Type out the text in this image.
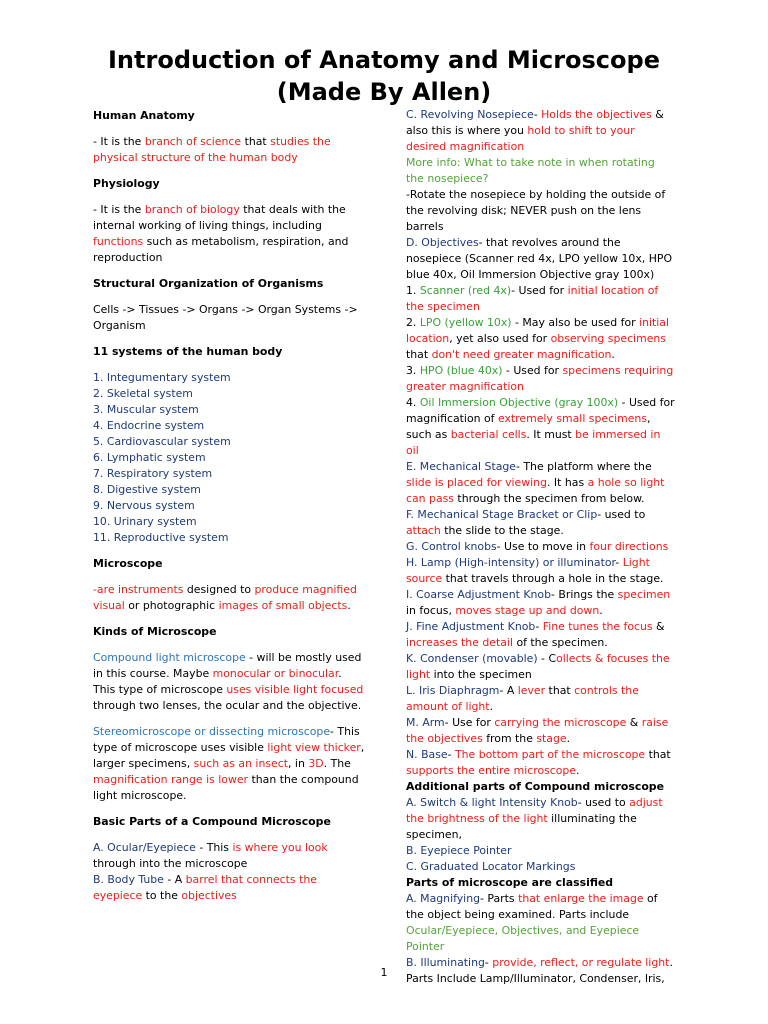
Introduction of Anatomy and Microscope
(Made By Allen)
Human Anatomy
- It is the branch of science that studies the physical structure of the human body
Physiology
- It is the branch of biology that deals with the internal working of living things, including functions such as metabolism, respiration, and reproduction
Structural Organization of Organisms
Cells -> Tissues -> Organs -> Organ Systems -> Organism
11 systems of the human body
1. Integumentary system
2. Skeletal system
3. Muscular system
4. Endocrine system
5. Cardiovascular system
6. Lymphatic system
7. Respiratory system
8. Digestive system
9. Nervous system
10. Urinary system
11. Reproductive system
Microscope
-are instruments designed to produce magnified visual or photographic images of small objects.
Kinds of Microscope
Compound light microscope - will be mostly used in this course. Maybe monocular or binocular. This type of microscope uses visible light focused through two lenses, the ocular and the objective.
Stereomicroscope or dissecting microscope- This type of microscope uses visible light view thicker, larger specimens, such as an insect, in 3D. The magnification range is lower than the compound light microscope.
Basic Parts of a Compound Microscope
A. Ocular/Eyepiece - This is where you look through into the microscope
B. Body Tube - A barrel that connects the eyepiece to the objectives
C. Revolving Nosepiece- Holds the objectives & also this is where you hold to shift to your desired magnification
More info: What to take note in when rotating the nosepiece?
-Rotate the nosepiece by holding the outside of the revolving disk; NEVER push on the lens barrels
D. Objectives- that revolves around the nosepiece (Scanner red 4x, LPO yellow 10x, HPO blue 40x, Oil Immersion Objective gray 100x)
1. Scanner (red 4x)- Used for initial location of the specimen
2. LPO (yellow 10x) - May also be used for initial location, yet also used for observing specimens that don't need greater magnification.
3. HPO (blue 40x) - Used for specimens requiring greater magnification
4. Oil Immersion Objective (gray 100x) - Used for magnification of extremely small specimens, such as bacterial cells. It must be immersed in oil
E. Mechanical Stage- The platform where the slide is placed for viewing. It has a hole so light can pass through the specimen from below.
F. Mechanical Stage Bracket or Clip- used to attach the slide to the stage.
G. Control knobs- Use to move in four directions
H. Lamp (High-intensity) or illuminator- Light source that travels through a hole in the stage.
I. Coarse Adjustment Knob- Brings the specimen in focus, moves stage up and down.
J. Fine Adjustment Knob- Fine tunes the focus & increases the detail of the specimen.
K. Condenser (movable) - Collects & focuses the light into the specimen
L. Iris Diaphragm- A lever that controls the amount of light.
M. Arm- Use for carrying the microscope & raise the objectives from the stage.
N. Base- The bottom part of the microscope that supports the entire microscope.
Additional parts of Compound microscope
A. Switch & light Intensity Knob- used to adjust the brightness of the light illuminating the specimen,
B. Eyepiece Pointer
C. Graduated Locator Markings
Parts of microscope are classified
A. Magnifying- Parts that enlarge the image of the object being examined. Parts include Ocular/Eyepiece, Objectives, and Eyepiece Pointer
B. Illuminating- provide, reflect, or regulate light. Parts Include Lamp/Illuminator, Condenser, Iris,
1
